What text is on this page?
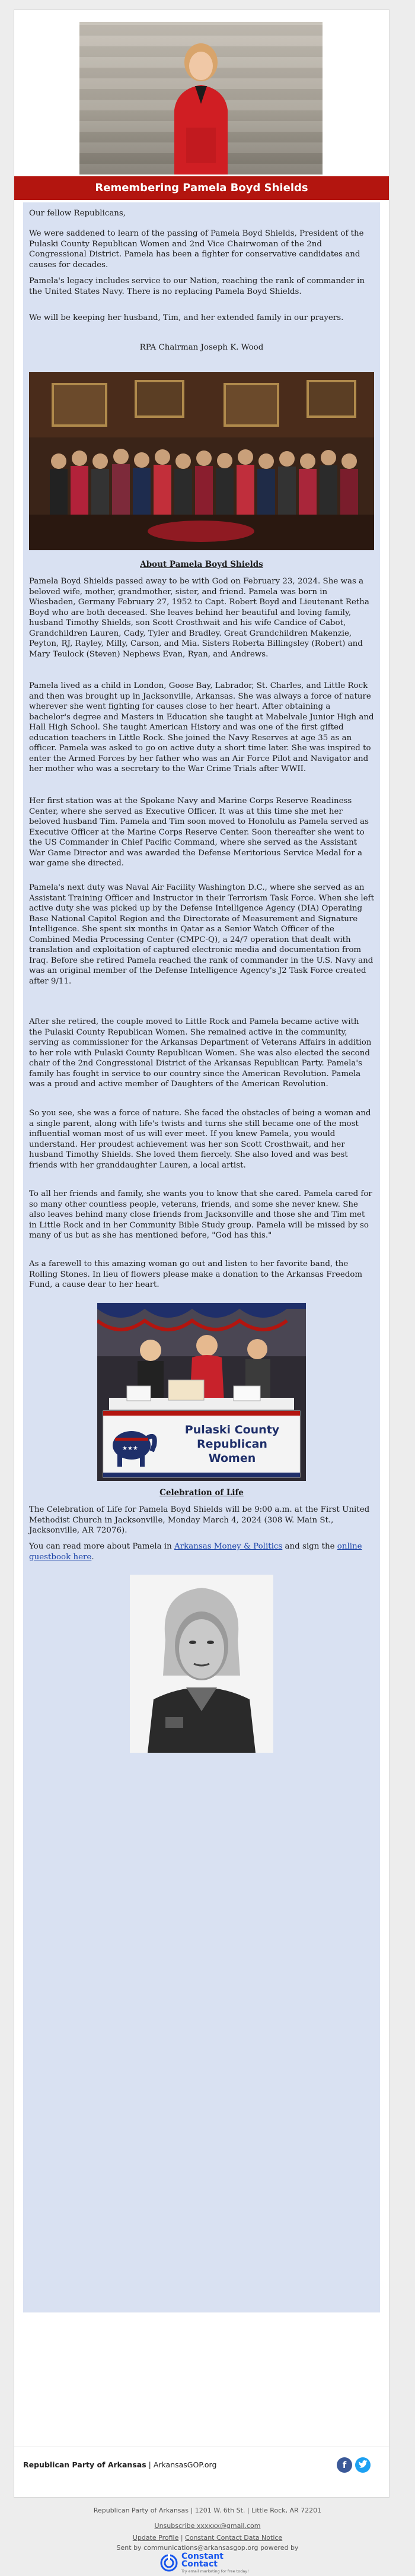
Remembering Pamela Boyd Shields
Our fellow Republicans,
We were saddened to learn of the passing of Pamela Boyd Shields, President of the Pulaski County Republican Women and 2nd Vice Chairwoman of the 2nd Congressional District. Pamela has been a fighter for conservative candidates and causes for decades.
Pamela's legacy includes service to our Nation, reaching the rank of commander in the United States Navy. There is no replacing Pamela Boyd Shields.
We will be keeping her husband, Tim, and her extended family in our prayers.
RPA Chairman Joseph K. Wood
About Pamela Boyd Shields
Pamela Boyd Shields passed away to be with God on February 23, 2024. She was a beloved wife, mother, grandmother, sister, and friend. Pamela was born in Wiesbaden, Germany February 27, 1952 to Capt. Robert Boyd and Lieutenant Retha Boyd who are both deceased. She leaves behind her beautiful and loving family, husband Timothy Shields, son Scott Crosthwait and his wife Candice of Cabot, Grandchildren Lauren, Cady, Tyler and Bradley. Great Grandchildren Makenzie, Peyton, RJ, Rayley, Milly, Carson, and Mia. Sisters Roberta Billingsley (Robert) and Mary Teulock (Steven) Nephews Evan, Ryan, and Andrews.
Pamela lived as a child in London, Goose Bay, Labrador, St. Charles, and Little Rock and then was brought up in Jacksonville, Arkansas. She was always a force of nature wherever she went fighting for causes close to her heart. After obtaining a bachelor's degree and Masters in Education she taught at Mabelvale Junior High and Hall High School. She taught American History and was one of the first gifted education teachers in Little Rock. She joined the Navy Reserves at age 35 as an officer. Pamela was asked to go on active duty a short time later. She was inspired to enter the Armed Forces by her father who was an Air Force Pilot and Navigator and her mother who was a secretary to the War Crime Trials after WWII.
Her first station was at the Spokane Navy and Marine Corps Reserve Readiness Center, where she served as Executive Officer. It was at this time she met her beloved husband Tim. Pamela and Tim soon moved to Honolulu as Pamela served as Executive Officer at the Marine Corps Reserve Center. Soon thereafter she went to the US Commander in Chief Pacific Command, where she served as the Assistant War Game Director and was awarded the Defense Meritorious Service Medal for a war game she directed.
Pamela's next duty was Naval Air Facility Washington D.C., where she served as an Assistant Training Officer and Instructor in their Terrorism Task Force. When she left active duty she was picked up by the Defense Intelligence Agency (DIA) Operating Base National Capitol Region and the Directorate of Measurement and Signature Intelligence. She spent six months in Qatar as a Senior Watch Officer of the Combined Media Processing Center (CMPC-Q), a 24/7 operation that dealt with translation and exploitation of captured electronic media and documentation from Iraq. Before she retired Pamela reached the rank of commander in the U.S. Navy and was an original member of the Defense Intelligence Agency's J2 Task Force created after 9/11.
After she retired, the couple moved to Little Rock and Pamela became active with the Pulaski County Republican Women. She remained active in the community, serving as commissioner for the Arkansas Department of Veterans Affairs in addition to her role with Pulaski County Republican Women. She was also elected the second chair of the 2nd Congressional District of the Arkansas Republican Party. Pamela's family has fought in service to our country since the American Revolution. Pamela was a proud and active member of Daughters of the American Revolution.
So you see, she was a force of nature. She faced the obstacles of being a woman and a single parent, along with life's twists and turns she still became one of the most influential woman most of us will ever meet. If you knew Pamela, you would understand. Her proudest achievement was her son Scott Crosthwait, and her husband Timothy Shields. She loved them fiercely. She also loved and was best friends with her granddaughter Lauren, a local artist.
To all her friends and family, she wants you to know that she cared. Pamela cared for so many other countless people, veterans, friends, and some she never knew. She also leaves behind many close friends from Jacksonville and those she and Tim met in Little Rock and in her Community Bible Study group. Pamela will be missed by so many of us but as she has mentioned before, "God has this."
As a farewell to this amazing woman go out and listen to her favorite band, the Rolling Stones. In lieu of flowers please make a donation to the Arkansas Freedom Fund, a cause dear to her heart.
★★★
Pulaski County
Republican
Women
Celebration of Life
The Celebration of Life for Pamela Boyd Shields will be 9:00 a.m. at the First United Methodist Church in Jacksonville, Monday March 4, 2024 (308 W. Main St., Jacksonville, AR 72076).
You can read more about Pamela in Arkansas Money & Politics and sign the online guestbook here.
Republican Party of Arkansas | ArkansasGOP.org	f
Republican Party of Arkansas | 1201 W. 6th St. | Little Rock, AR 72201
Unsubscribe xxxxxx@gmail.com
Update Profile | Constant Contact Data Notice
Sent by communications@arkansasgop.org powered by
Constant
Contact
Try email marketing for free today!
